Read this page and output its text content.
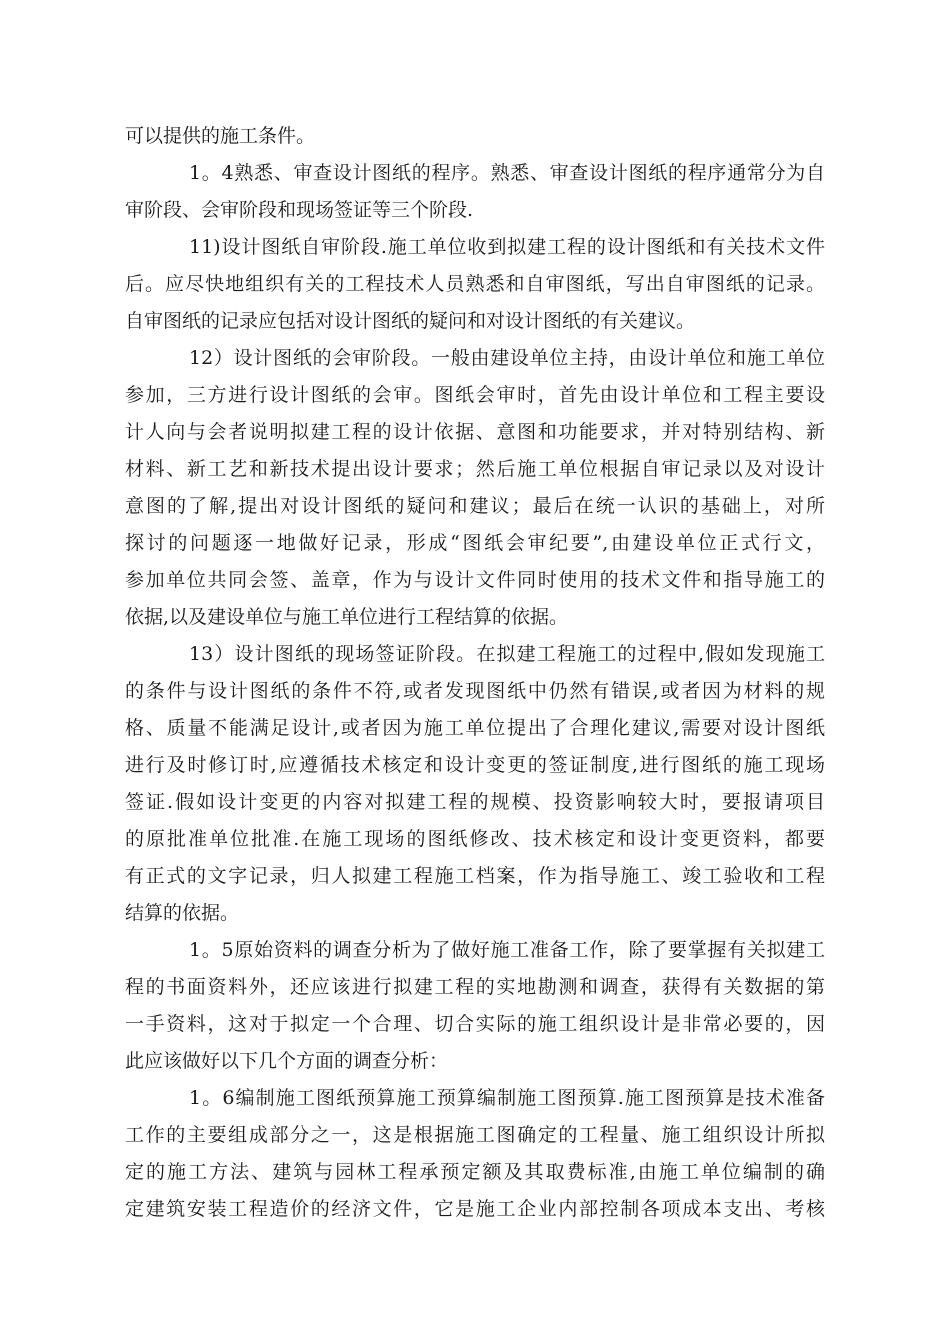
可以提供的施工条件。
1。4熟悉、审查设计图纸的程序。熟悉、审查设计图纸的程序通常分为自
审阶段、会审阶段和现场签证等三个阶段.
11)设计图纸自审阶段.施工单位收到拟建工程的设计图纸和有关技术文件
后。应尽快地组织有关的工程技术人员熟悉和自审图纸，写出自审图纸的记录。
自审图纸的记录应包括对设计图纸的疑问和对设计图纸的有关建议。
12）设计图纸的会审阶段。一般由建设单位主持，由设计单位和施工单位
参加，三方进行设计图纸的会审。图纸会审时，首先由设计单位和工程主要设
计人向与会者说明拟建工程的设计依据、意图和功能要求，并对特别结构、新
材料、新工艺和新技术提出设计要求；然后施工单位根据自审记录以及对设计
意图的了解,提出对设计图纸的疑问和建议；最后在统一认识的基础上，对所
探讨的问题逐一地做好记录，形成“图纸会审纪要”,由建设单位正式行文，
参加单位共同会签、盖章，作为与设计文件同时使用的技术文件和指导施工的
依据,以及建设单位与施工单位进行工程结算的依据。
13）设计图纸的现场签证阶段。在拟建工程施工的过程中,假如发现施工
的条件与设计图纸的条件不符,或者发现图纸中仍然有错误,或者因为材料的规
格、质量不能满足设计,或者因为施工单位提出了合理化建议,需要对设计图纸
进行及时修订时,应遵循技术核定和设计变更的签证制度,进行图纸的施工现场
签证.假如设计变更的内容对拟建工程的规模、投资影响较大时，要报请项目
的原批准单位批准.在施工现场的图纸修改、技术核定和设计变更资料，都要
有正式的文字记录，归人拟建工程施工档案，作为指导施工、竣工验收和工程
结算的依据。
1。5原始资料的调查分析为了做好施工准备工作，除了要掌握有关拟建工
程的书面资料外，还应该进行拟建工程的实地勘测和调查，获得有关数据的第
一手资料，这对于拟定一个合理、切合实际的施工组织设计是非常必要的，因
此应该做好以下几个方面的调查分析：
1。6编制施工图纸预算施工预算编制施工图预算.施工图预算是技术准备
工作的主要组成部分之一，这是根据施工图确定的工程量、施工组织设计所拟
定的施工方法、建筑与园林工程承预定额及其取费标准,由施工单位编制的确
定建筑安装工程造价的经济文件，它是施工企业内部控制各项成本支出、考核
